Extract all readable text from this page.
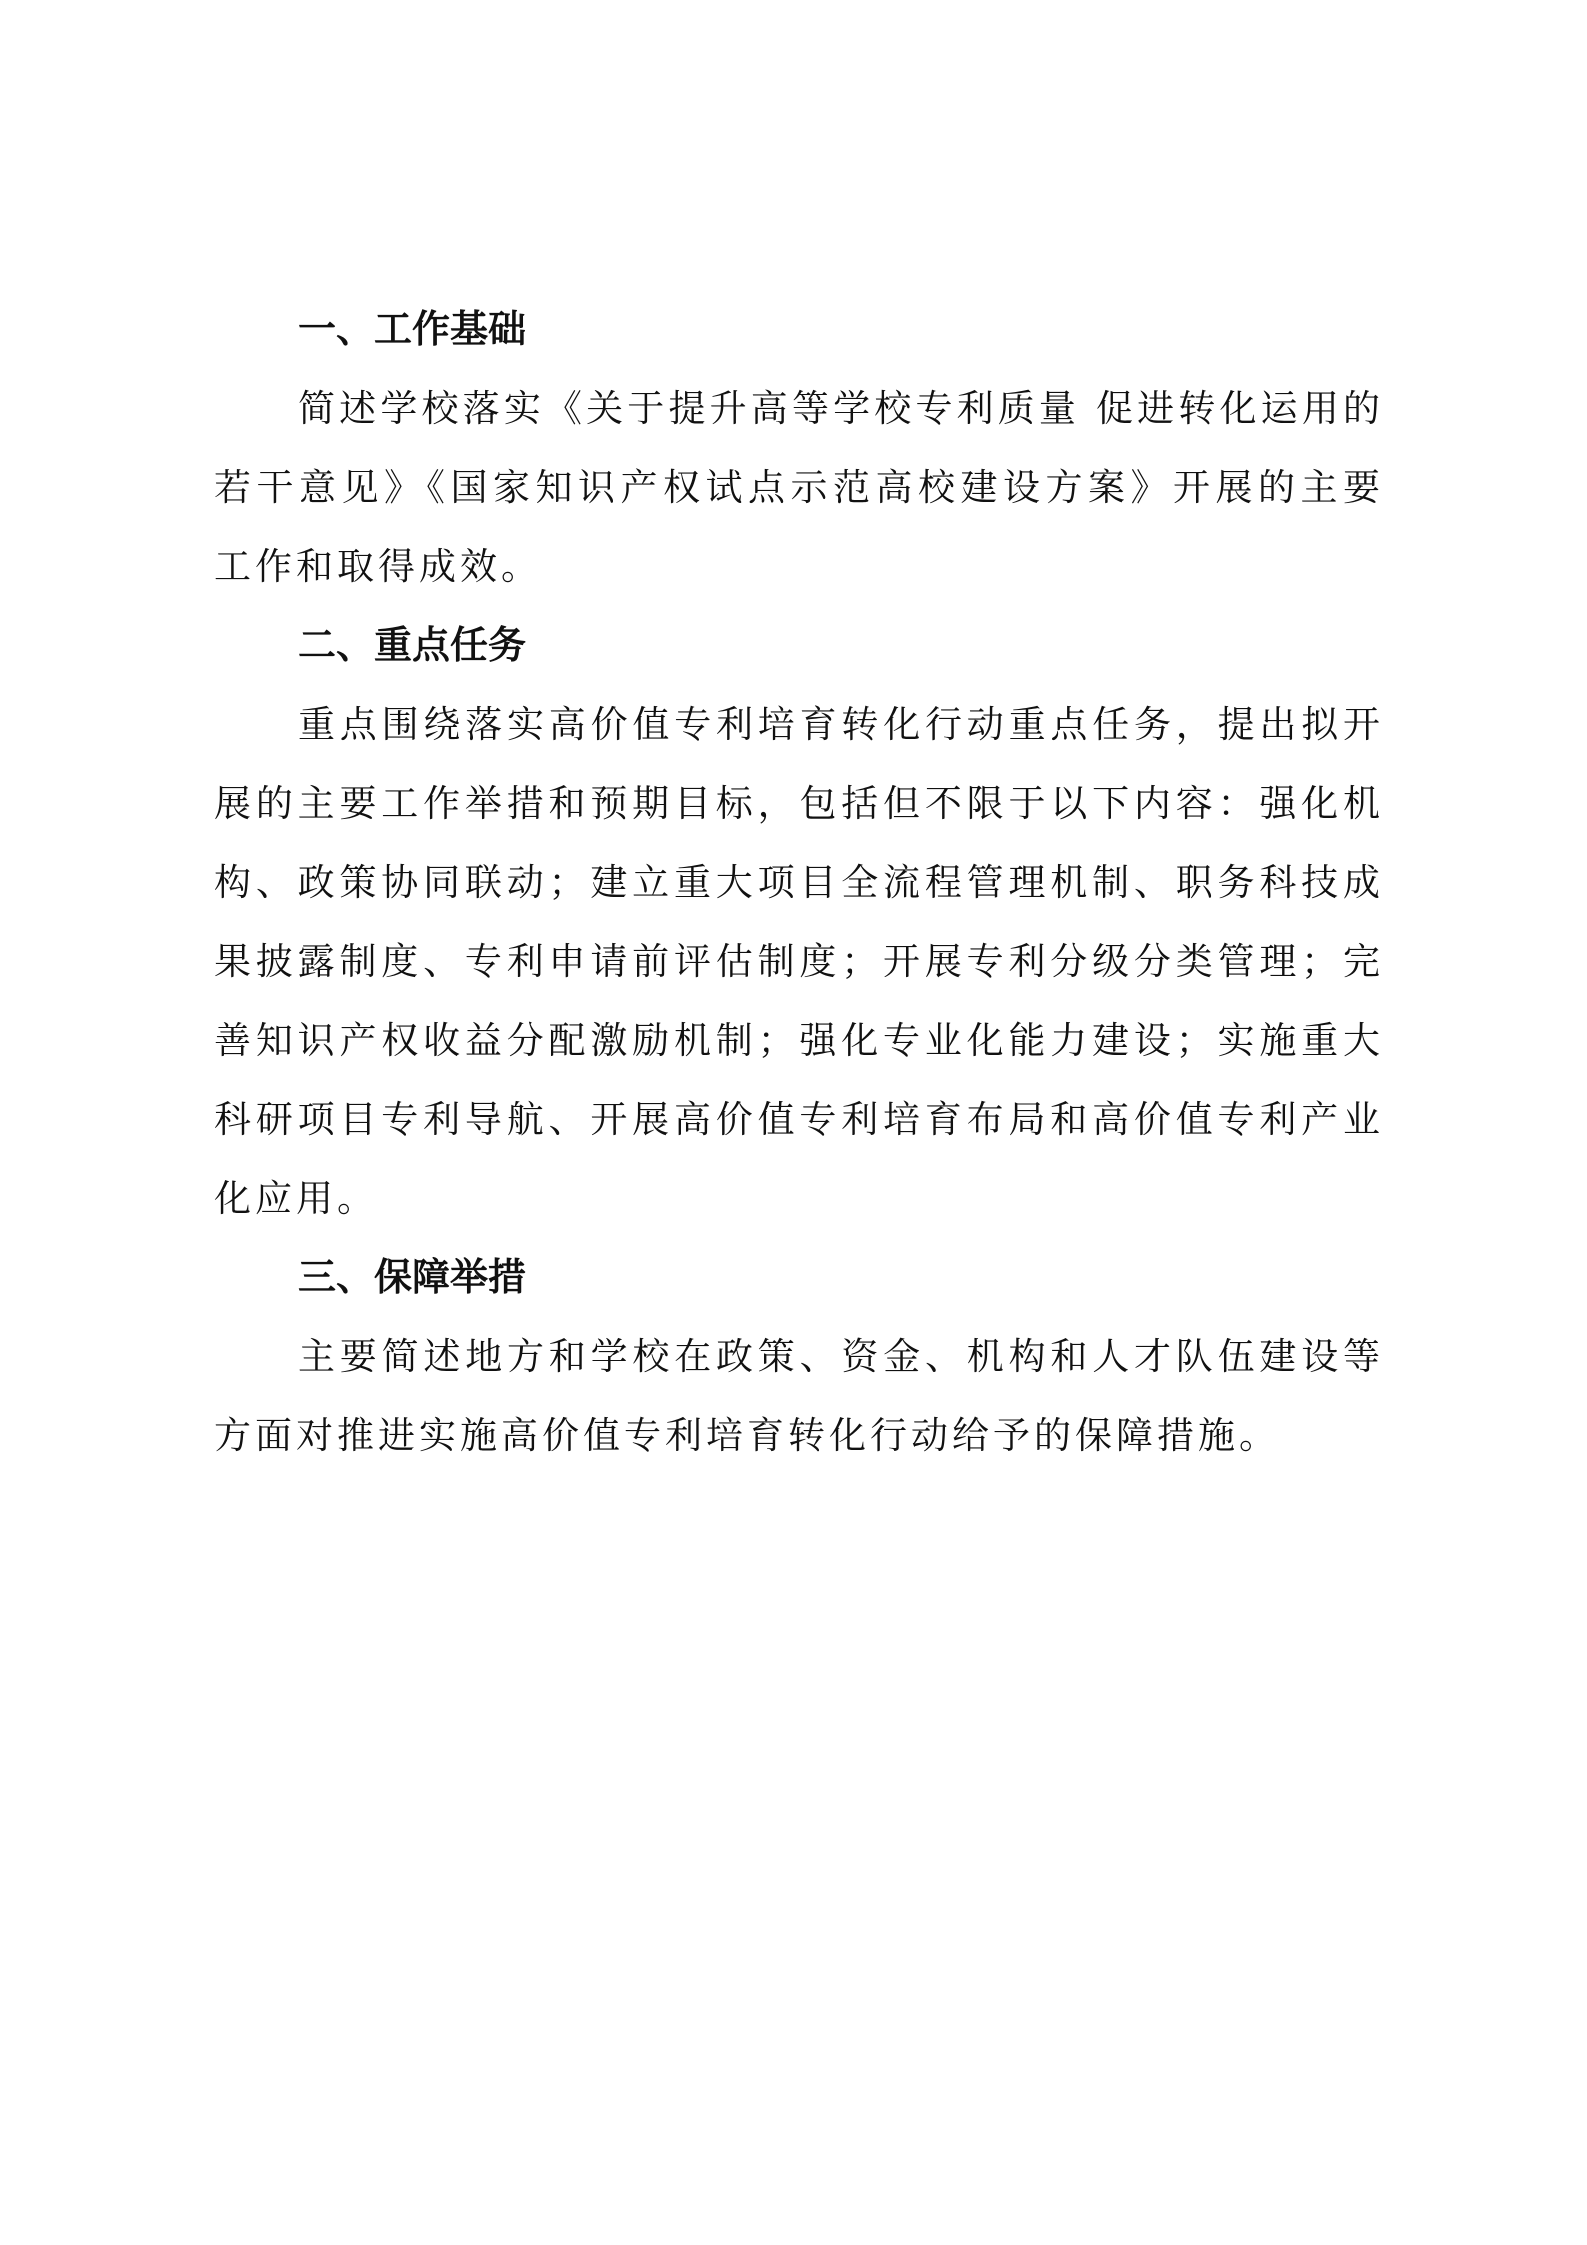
一、工作基础

简述学校落实《关于提升高等学校专利质量 促进转化运用的若干意见》《国家知识产权试点示范高校建设方案》开展的主要工作和取得成效。

二、重点任务

重点围绕落实高价值专利培育转化行动重点任务，提出拟开展的主要工作举措和预期目标，包括但不限于以下内容：强化机构、政策协同联动；建立重大项目全流程管理机制、职务科技成果披露制度、专利申请前评估制度；开展专利分级分类管理；完善知识产权收益分配激励机制；强化专业化能力建设；实施重大科研项目专利导航、开展高价值专利培育布局和高价值专利产业化应用。

三、保障举措

主要简述地方和学校在政策、资金、机构和人才队伍建设等方面对推进实施高价值专利培育转化行动给予的保障措施。
